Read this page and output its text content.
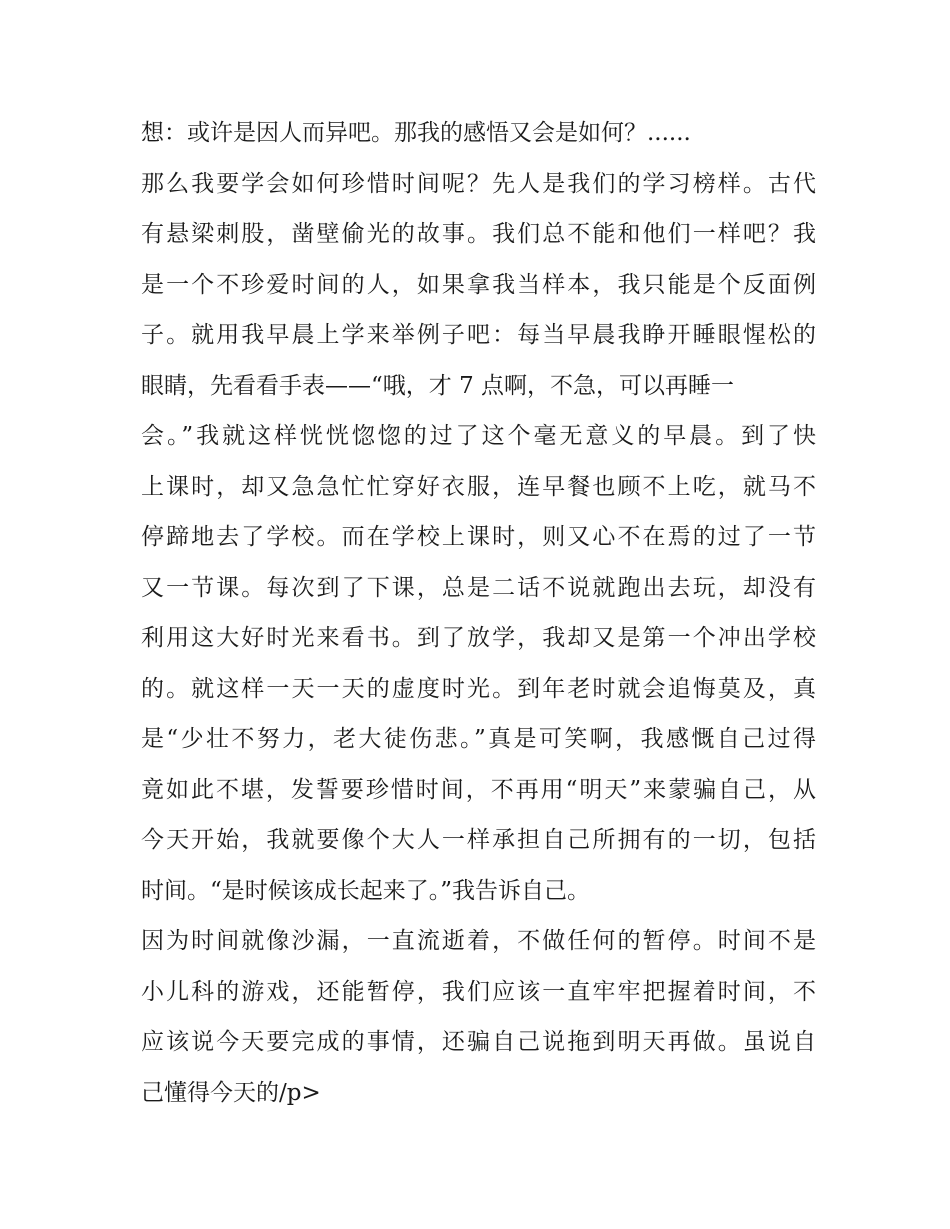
想：或许是因人而异吧。那我的感悟又会是如何？......
那么我要学会如何珍惜时间呢？先人是我们的学习榜样。古代
有悬梁刺股，凿壁偷光的故事。我们总不能和他们一样吧？我
是一个不珍爱时间的人，如果拿我当样本，我只能是个反面例
子。就用我早晨上学来举例子吧：每当早晨我睁开睡眼惺松的
眼睛，先看看手表——“哦，才 7 点啊，不急，可以再睡一
会。”我就这样恍恍惚惚的过了这个毫无意义的早晨。到了快
上课时，却又急急忙忙穿好衣服，连早餐也顾不上吃，就马不
停蹄地去了学校。而在学校上课时，则又心不在焉的过了一节
又一节课。每次到了下课，总是二话不说就跑出去玩，却没有
利用这大好时光来看书。到了放学，我却又是第一个冲出学校
的。就这样一天一天的虚度时光。到年老时就会追悔莫及，真
是“少壮不努力，老大徒伤悲。”真是可笑啊，我感慨自己过得
竟如此不堪，发誓要珍惜时间，不再用“明天”来蒙骗自己，从
今天开始，我就要像个大人一样承担自己所拥有的一切，包括
时间。“是时候该成长起来了。”我告诉自己。
因为时间就像沙漏，一直流逝着，不做任何的暂停。时间不是
小儿科的游戏，还能暂停，我们应该一直牢牢把握着时间，不
应该说今天要完成的事情，还骗自己说拖到明天再做。虽说自
己懂得今天的/p>
